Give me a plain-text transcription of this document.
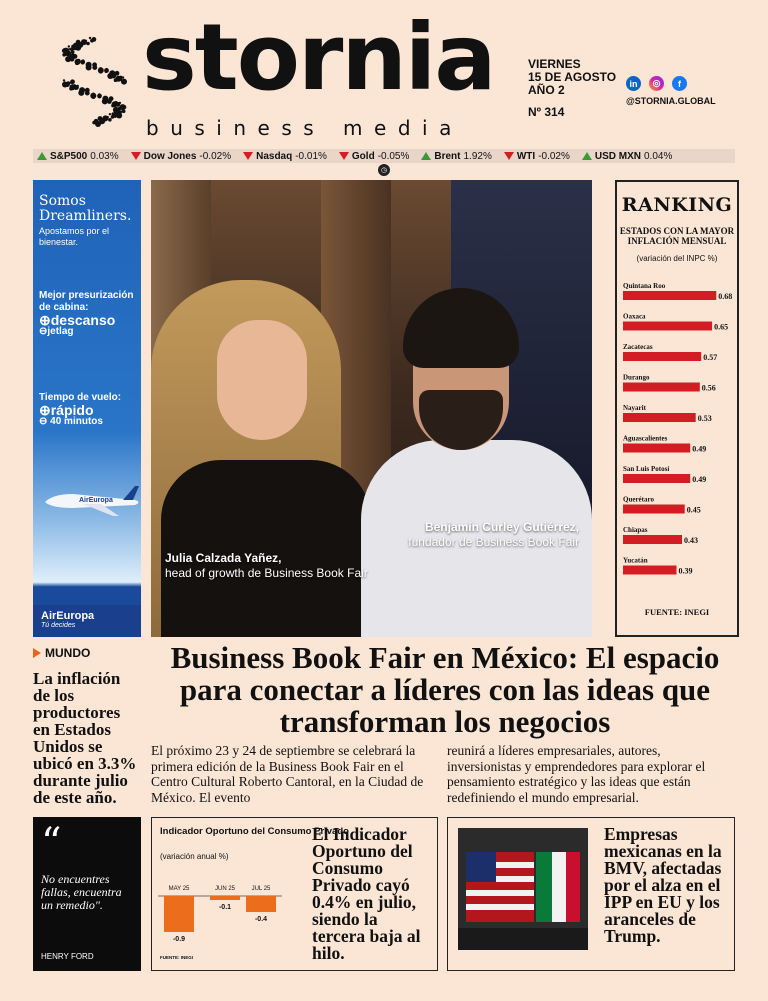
stornia
business media
VIERNES
15 DE AGOSTO
AÑO 2
Nº 314
in	◎	f
@STORNIA.GLOBAL
S&P500 0.03%	Dow Jones -0.02%	Nasdaq -0.01%	Gold -0.05%	Brent 1.92%	WTI -0.02%	USD MXN 0.04%
◷
Somos Dreamliners.
Apostamos por el bienestar.
Mejor presurización de cabina:
⊕descanso
⊖jetlag
Tiempo de vuelo:
⊕rápido
⊖ 40 minutos
AirEuropa
AirEuropa
Tú decides
Benjamín Curley Gutiérrez,
fundador de Business Book Fair
Julia Calzada Yañez,
head of growth de Business Book Fair
RANKING
ESTADOS CON LA MAYOR INFLACIÓN MENSUAL
(variación del INPC %)
Quintana Roo
0.68
Oaxaca
0.65
Zacatecas
0.57
Durango
0.56
Nayarit
0.53
Aguascalientes
0.49
San Luis Potosí
0.49
Querétaro
0.45
Chiapas
0.43
Yucatán
0.39
FUENTE: INEGI
MUNDO
La inflación de los productores en Estados Unidos se ubicó en 3.3% durante julio de este año.
Business Book Fair en México: El espacio para conectar a líderes con las ideas que transforman los negocios

El próximo 23 y 24 de septiembre se celebrará la primera edición de la Business Book Fair en el Centro Cultural Roberto Cantoral, en la Ciudad de México. El evento

reunirá a líderes empresariales, autores, inversionistas y emprendedores para explorar el pensamiento estratégico y las ideas que están redefiniendo el mundo empresarial.

“
No encuentres fallas, encuentra un remedio".
HENRY FORD
Indicador Oportuno del Consumo Privado
(variación anual %)
MAY 25
-0.9
JUN 25
-0.1
JUL 25
-0.4
FUENTE: INEGI
El Indicador Oportuno del Consumo Privado cayó 0.4% en julio, siendo la tercera baja al hilo.
Empresas mexicanas en la BMV, afectadas por el alza en el IPP en EU y los aranceles de Trump.
